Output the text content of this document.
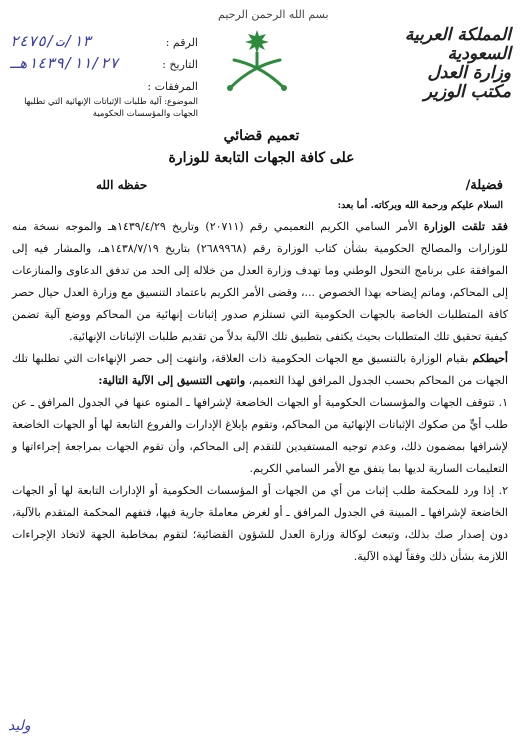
بسم الله الرحمن الرحيم
المملكة العربية السعودية
وزارة العدل
مكتب الوزير
الرقم :
١٣/ت/٢٤٧٥
التاريخ :
١٤٣٩/١١/٢٧هـ
المرفقات :
الموضوع: آلية طلبات الإثباتات الإنهائية التي تطلبها الجهات والمؤسسات الحكومية
تعميم قضائي
على كافة الجهات التابعة للوزارة
فضيلة/
حفظه الله
السلام عليكم ورحمة الله وبركاته. أما بعد:

فقد تلقت الوزارة الأمر السامي الكريم التعميمي رقم (٢٠٧١١) وتاريخ ١٤٣٩/٤/٢٩هـ والموجه نسخة منه للوزارات والمصالح الحكومية بشأن كتاب الوزارة رقم (٢٦٨٩٩٦٨) بتاريخ ١٤٣٨/٧/١٩هـ، والمشار فيه إلى الموافقة على برنامج التحول الوطني وما تهدف وزارة العدل من خلاله إلى الحد من تدفق الدعاوى والمنازعات إلى المحاكم، وماتم إيضاحه بهذا الخصوص ...، وقضى الأمر الكريم باعتماد التنسيق مع وزارة العدل حيال حصر كافة المتطلبات الخاصة بالجهات الحكومية التي تستلزم صدور إثباتات إنهائية من المحاكم ووضع آلية تضمن كيفية تحقيق تلك المتطلبات بحيث يكتفى بتطبيق تلك الآلية بدلاً من تقديم طلبات الإثباتات الإنهائية.

أحيطكم بقيام الوزارة بالتنسيق مع الجهات الحكومية ذات العلاقة، وانتهت إلى حصر الإنهاءات التي تطلبها تلك الجهات من المحاكم بحسب الجدول المرافق لهذا التعميم، وانتهى التنسيق إلى الآلية التالية:

١. تتوقف الجهات والمؤسسات الحكومية أو الجهات الخاضعة لإشرافها ـ المنوه عنها في الجدول المرافق ـ عن طلب أيٍّ من صكوك الإثباتات الإنهائية من المحاكم، وتقوم بإبلاغ الإدارات والفروع التابعة لها أو الجهات الخاضعة لإشرافها بمضمون ذلك، وعدم توجيه المستفيدين للتقدم إلى المحاكم، وأن تقوم الجهات بمراجعة إجراءاتها و التعليمات السارية لديها بما يتفق مع الأمر السامي الكريم.

٢. إذا ورد للمحكمة طلب إثبات من أي من الجهات أو المؤسسات الحكومية أو الإدارات التابعة لها أو الجهات الخاضعة لإشرافها ـ المبينة في الجدول المرافق ـ أو لغرض معاملة جارية فيها، فتفهم المحكمة المتقدم بالآلية، دون إصدار صك بذلك، وتبعث لوكالة وزارة العدل للشؤون القضائية؛ لتقوم بمخاطبة الجهة لاتخاذ الإجراءات اللازمة بشأن ذلك وفقاً لهذه الآلية.

وليد
